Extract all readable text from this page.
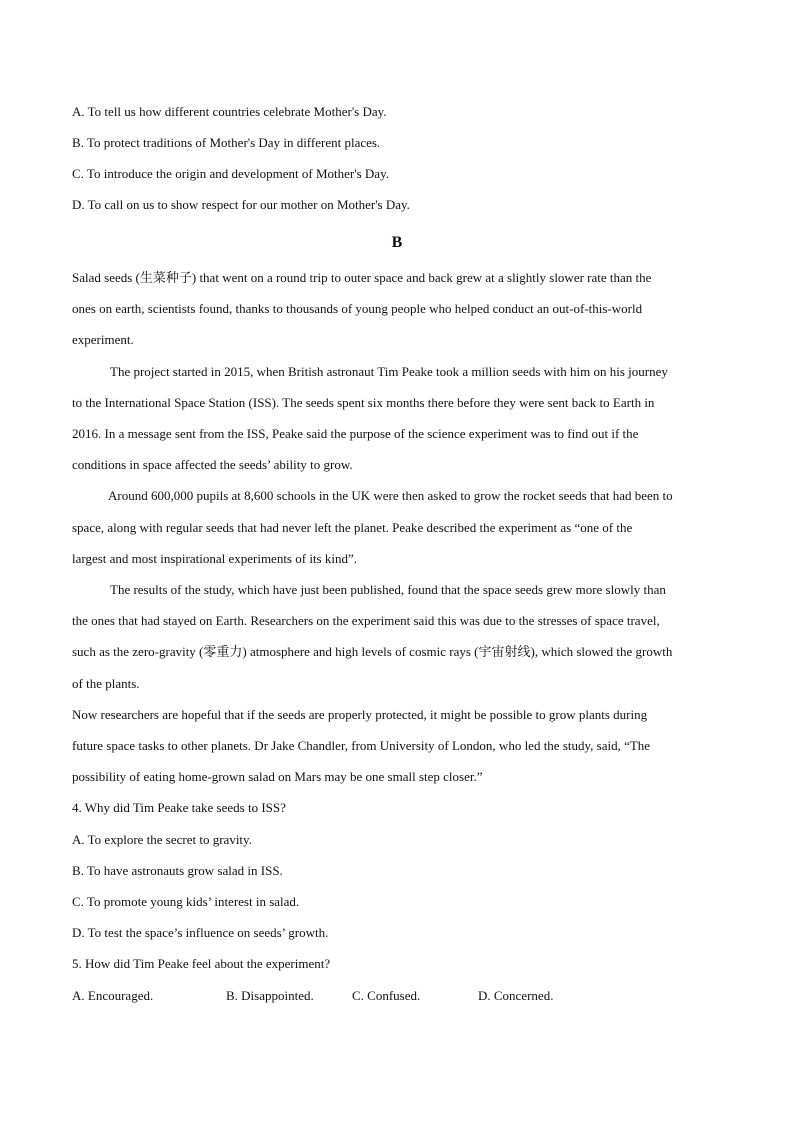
A. To tell us how different countries celebrate Mother's Day.
B. To protect traditions of Mother's Day in different places.
C. To introduce the origin and development of Mother's Day.
D. To call on us to show respect for our mother on Mother's Day.
B
Salad seeds (生菜种子) that went on a round trip to outer space and back grew at a slightly slower rate than the
ones on earth, scientists found, thanks to thousands of young people who helped conduct an out-of-this-world
experiment.
The project started in 2015, when British astronaut Tim Peake took a million seeds with him on his journey
to the International Space Station (ISS). The seeds spent six months there before they were sent back to Earth in
2016. In a message sent from the ISS, Peake said the purpose of the science experiment was to find out if the
conditions in space affected the seeds’ ability to grow.
Around 600,000 pupils at 8,600 schools in the UK were then asked to grow the rocket seeds that had been to
space, along with regular seeds that had never left the planet. Peake described the experiment as “one of the
largest and most inspirational experiments of its kind”.
The results of the study, which have just been published, found that the space seeds grew more slowly than
the ones that had stayed on Earth. Researchers on the experiment said this was due to the stresses of space travel,
such as the zero-gravity (零重力) atmosphere and high levels of cosmic rays (宇宙射线), which slowed the growth
of the plants.
Now researchers are hopeful that if the seeds are properly protected, it might be possible to grow plants during
future space tasks to other planets. Dr Jake Chandler, from University of London, who led the study, said, “The
possibility of eating home-grown salad on Mars may be one small step closer.”
4. Why did Tim Peake take seeds to ISS?
A. To explore the secret to gravity.
B. To have astronauts grow salad in ISS.
C. To promote young kids’ interest in salad.
D. To test the space’s influence on seeds’ growth.
5. How did Tim Peake feel about the experiment?
A. Encouraged.	B. Disappointed.	C. Confused.	D. Concerned.
